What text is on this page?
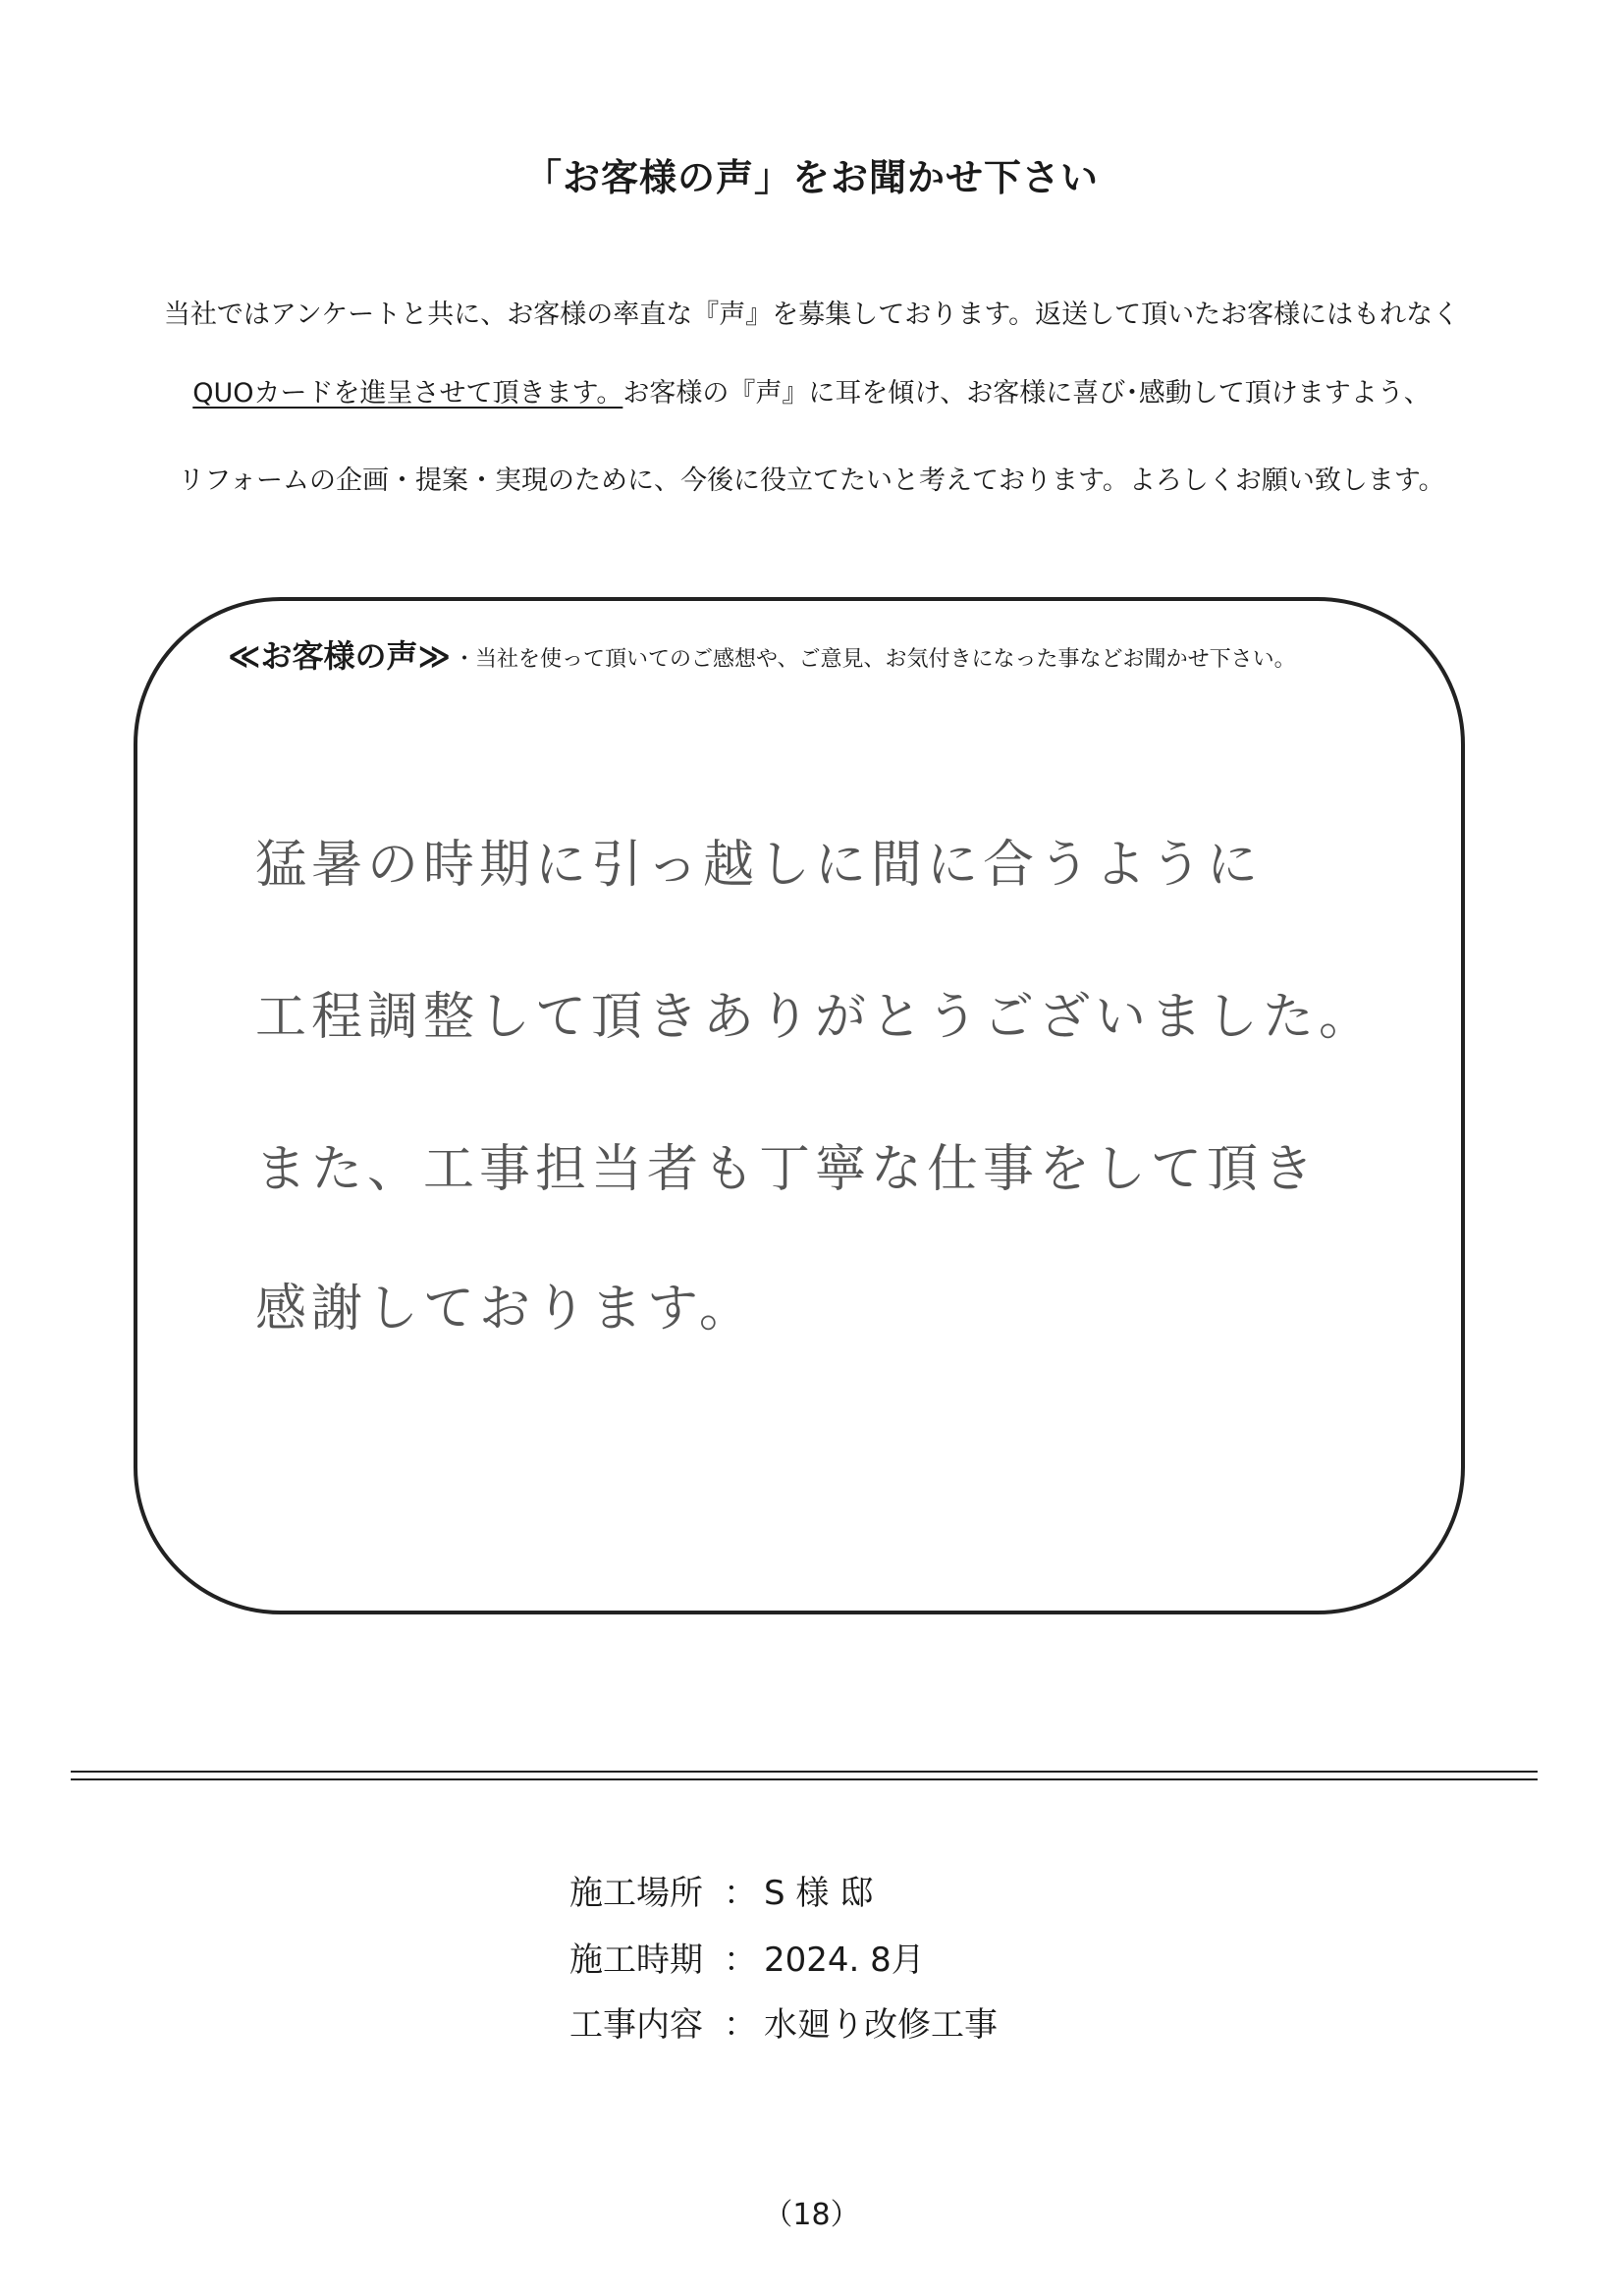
「お客様の声」をお聞かせ下さい
当社ではアンケートと共に、お客様の率直な『声』を募集しております。返送して頂いたお客様にはもれなく
QUOカードを進呈させて頂きます。お客様の『声』に耳を傾け、お客様に喜び･感動して頂けますよう、
リフォームの企画・提案・実現のために、今後に役立てたいと考えております。よろしくお願い致します。
≪お客様の声≫ ・当社を使って頂いてのご感想や、ご意見、お気付きになった事などお聞かせ下さい。
猛暑の時期に引っ越しに間に合うように
工程調整して頂きありがとうございました。
また、工事担当者も丁寧な仕事をして頂き
感謝しております。
施工場所 ： S 様 邸
施工時期 ： 2024. 8月
工事内容 ： 水廻り改修工事
（18）
